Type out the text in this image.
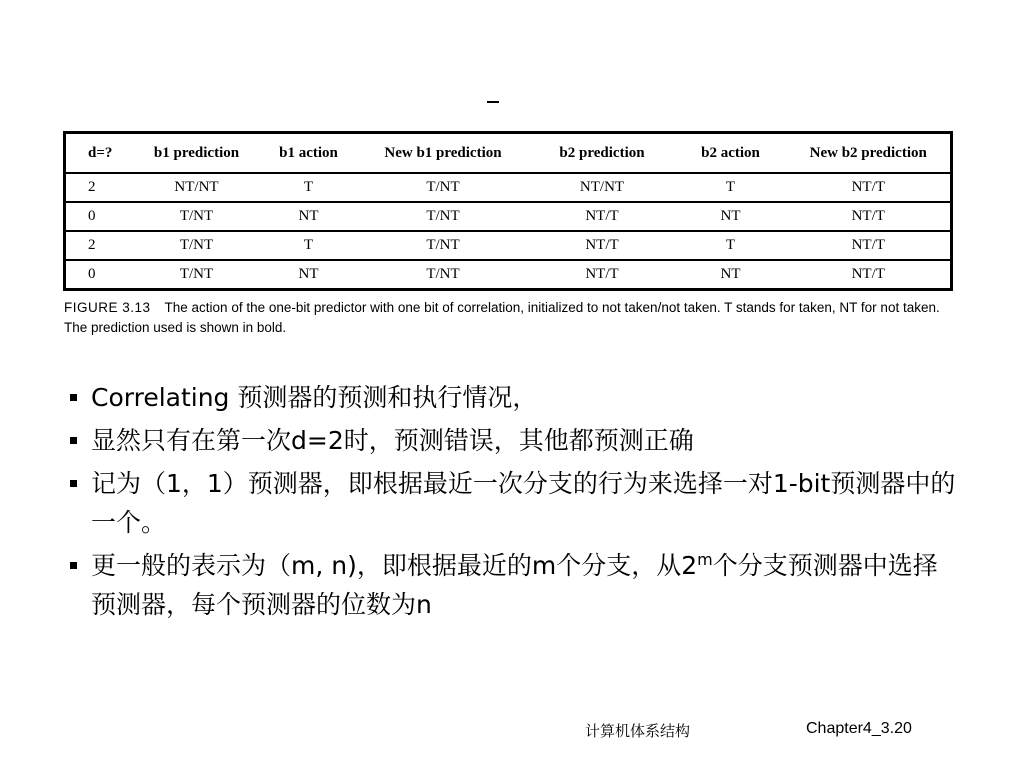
d=?	b1 prediction	b1 action	New b1 prediction	b2 prediction	b2 action	New b2 prediction
2	NT/NT	T	T/NT	NT/NT	T	NT/T
0	T/NT	NT	T/NT	NT/T	NT	NT/T
2	T/NT	T	T/NT	NT/T	T	NT/T
0	T/NT	NT	T/NT	NT/T	NT	NT/T
FIGURE 3.13 The action of the one-bit predictor with one bit of correlation, initialized to not taken/not taken. T stands for taken, NT for not taken. The prediction used is shown in bold.
Correlating 预测器的预测和执行情况，
显然只有在第一次d=2时，预测错误，其他都预测正确
记为（1，1）预测器，即根据最近一次分支的行为来选择一对1-bit预测器中的一个。
更一般的表示为（m, n)，即根据最近的m个分支，从2$^m$个分支预测器中选择预测器，每个预测器的位数为n
计算机体系结构	Chapter4_3.20
